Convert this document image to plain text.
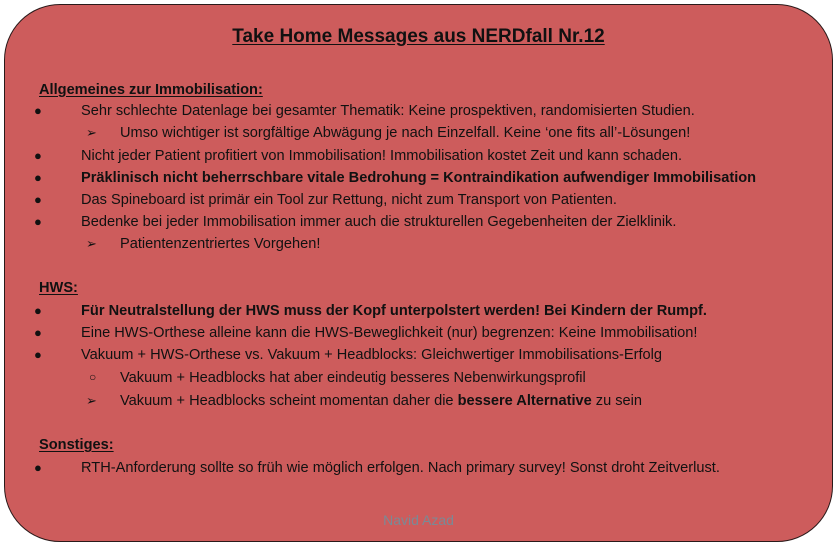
Take Home Messages aus NERDfall Nr.12
Allgemeines zur Immobilisation:
●	Sehr schlechte Datenlage bei gesamter Thematik: Keine prospektiven, randomisierten Studien.
➢ Umso wichtiger ist sorgfältige Abwägung je nach Einzelfall. Keine ‘one fits all’-Lösungen!
●	Nicht jeder Patient profitiert von Immobilisation! Immobilisation kostet Zeit und kann schaden.
●	Präklinisch nicht beherrschbare vitale Bedrohung = Kontraindikation aufwendiger Immobilisation
●	Das Spineboard ist primär ein Tool zur Rettung, nicht zum Transport von Patienten.
●	Bedenke bei jeder Immobilisation immer auch die strukturellen Gegebenheiten der Zielklinik.
➢ Patientenzentriertes Vorgehen!
HWS:
●	Für Neutralstellung der HWS muss der Kopf unterpolstert werden! Bei Kindern der Rumpf.
●	Eine HWS-Orthese alleine kann die HWS-Beweglichkeit (nur) begrenzen: Keine Immobilisation!
●	Vakuum + HWS-Orthese vs. Vakuum + Headblocks: Gleichwertiger Immobilisations-Erfolg
○ Vakuum + Headblocks hat aber eindeutig besseres Nebenwirkungsprofil
➢ Vakuum + Headblocks scheint momentan daher die bessere Alternative zu sein
Sonstiges:
●	RTH-Anforderung sollte so früh wie möglich erfolgen. Nach primary survey! Sonst droht Zeitverlust.
Navid Azad
